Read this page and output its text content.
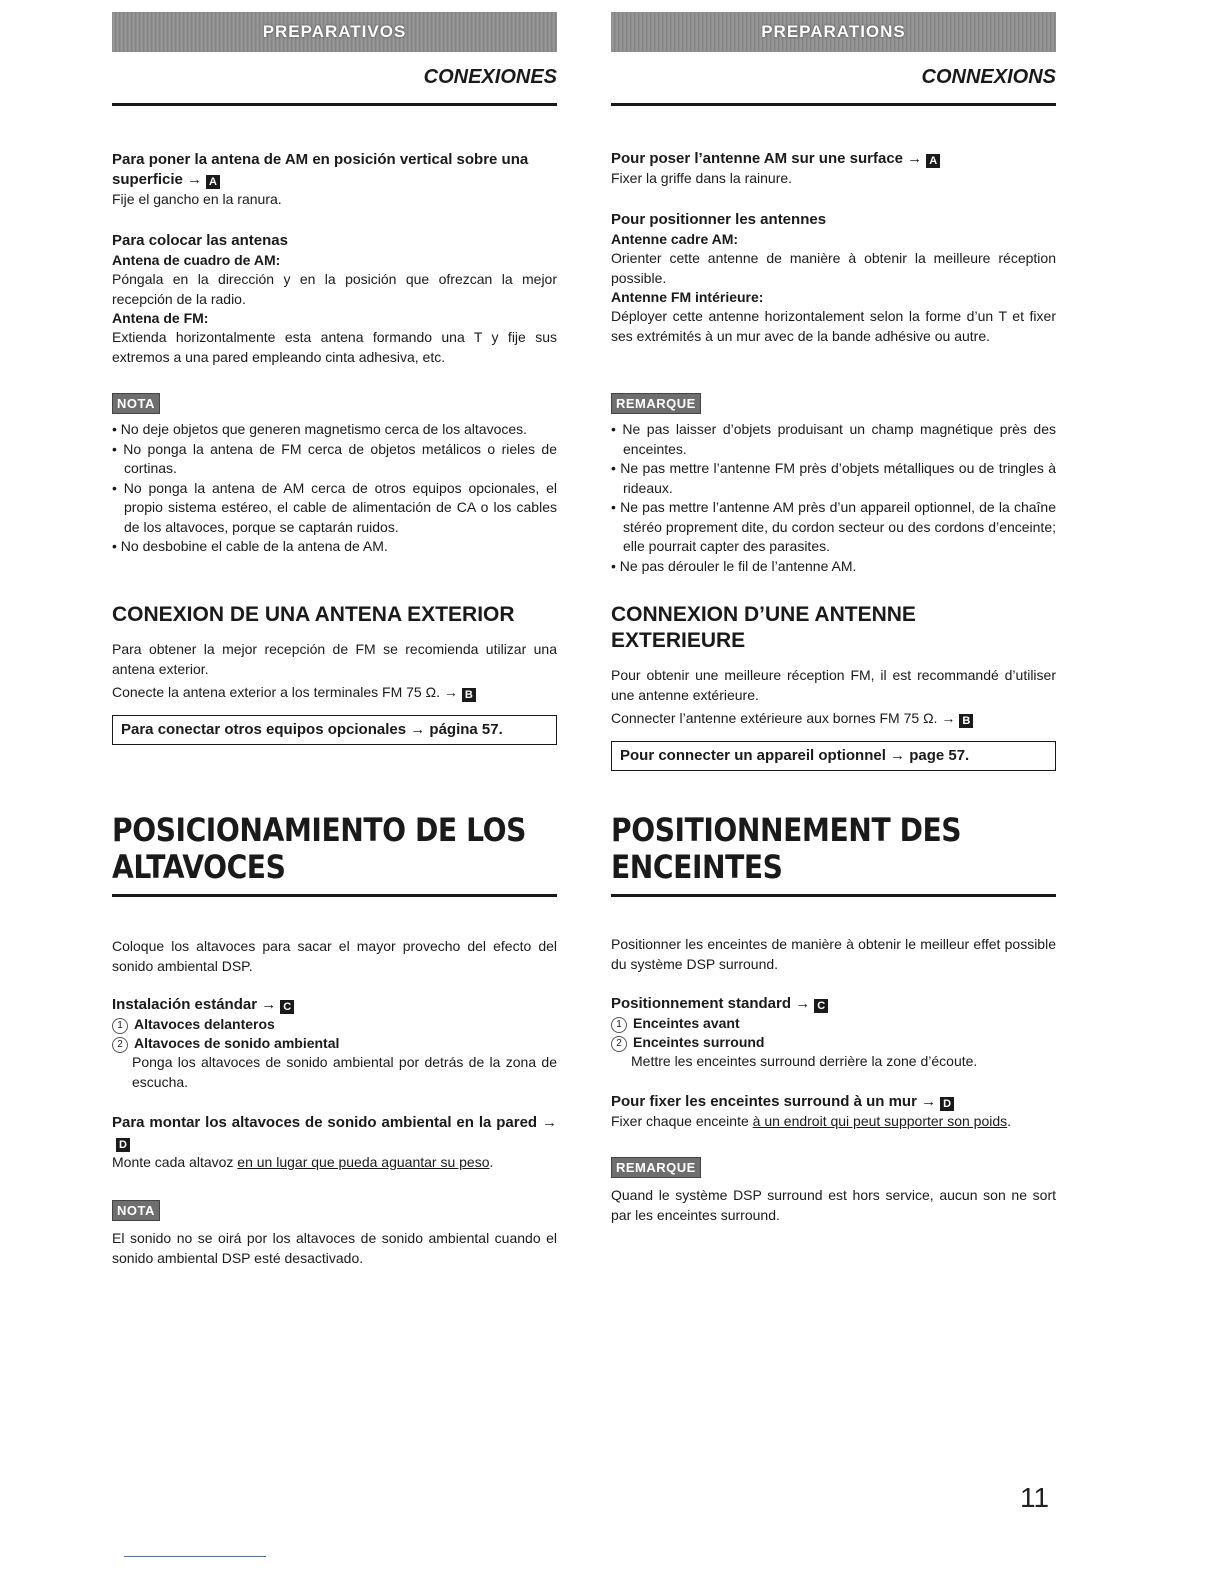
PREPARATIVOS
CONEXIONES

Para poner la antena de AM en posición vertical sobre una superficie → A

Fije el gancho en la ranura.

Para colocar las antenas

Antena de cuadro de AM:

Póngala en la dirección y en la posición que ofrezcan la mejor recepción de la radio.

Antena de FM:

Extienda horizontalmente esta antena formando una T y fije sus extremos a una pared empleando cinta adhesiva, etc.

NOTA
• No deje objetos que generen magnetismo cerca de los altavoces.
• No ponga la antena de FM cerca de objetos metálicos o rieles de cortinas.
• No ponga la antena de AM cerca de otros equipos opcionales, el propio sistema estéreo, el cable de alimentación de CA o los cables de los altavoces, porque se captarán ruidos.
• No desbobine el cable de la antena de AM.

CONEXION DE UNA ANTENA EXTERIOR

Para obtener la mejor recepción de FM se recomienda utilizar una antena exterior.

Conecte la antena exterior a los terminales FM 75 Ω. → B

Para conectar otros equipos opcionales → página 57.

POSICIONAMIENTO DE LOS
ALTAVOCES

Coloque los altavoces para sacar el mayor provecho del efecto del sonido ambiental DSP.

Instalación estándar → C

1 Altavoces delanteros
2 Altavoces de sonido ambiental

Ponga los altavoces de sonido ambiental por detrás de la zona de escucha.

Para montar los altavoces de sonido ambiental en la pared →D

Monte cada altavoz en un lugar que pueda aguantar su peso.

NOTA

El sonido no se oirá por los altavoces de sonido ambiental cuando el sonido ambiental DSP esté desactivado.

PREPARATIONS
CONNEXIONS

Pour poser l’antenne AM sur une surface → A

Fixer la griffe dans la rainure.

Pour positionner les antennes

Antenne cadre AM:

Orienter cette antenne de manière à obtenir la meilleure réception possible.

Antenne FM intérieure:

Déployer cette antenne horizontalement selon la forme d’un T et fixer ses extrémités à un mur avec de la bande adhésive ou autre.

REMARQUE
• Ne pas laisser d’objets produisant un champ magnétique près des enceintes.
• Ne pas mettre l’antenne FM près d’objets métalliques ou de tringles à rideaux.
• Ne pas mettre l’antenne AM près d’un appareil optionnel, de la chaîne stéréo proprement dite, du cordon secteur ou des cordons d’enceinte; elle pourrait capter des parasites.
• Ne pas dérouler le fil de l’antenne AM.

CONNEXION D’UNE ANTENNE
EXTERIEURE

Pour obtenir une meilleure réception FM, il est recommandé d’utiliser une antenne extérieure.

Connecter l’antenne extérieure aux bornes FM 75 Ω. → B

Pour connecter un appareil optionnel → page 57.

POSITIONNEMENT DES
ENCEINTES

Positionner les enceintes de manière à obtenir le meilleur effet possible du système DSP surround.

Positionnement standard → C

1 Enceintes avant
2 Enceintes surround

Mettre les enceintes surround derrière la zone d’écoute.

Pour fixer les enceintes surround à un mur → D

Fixer chaque enceinte à un endroit qui peut supporter son poids.

REMARQUE

Quand le système DSP surround est hors service, aucun son ne sort par les enceintes surround.

11
